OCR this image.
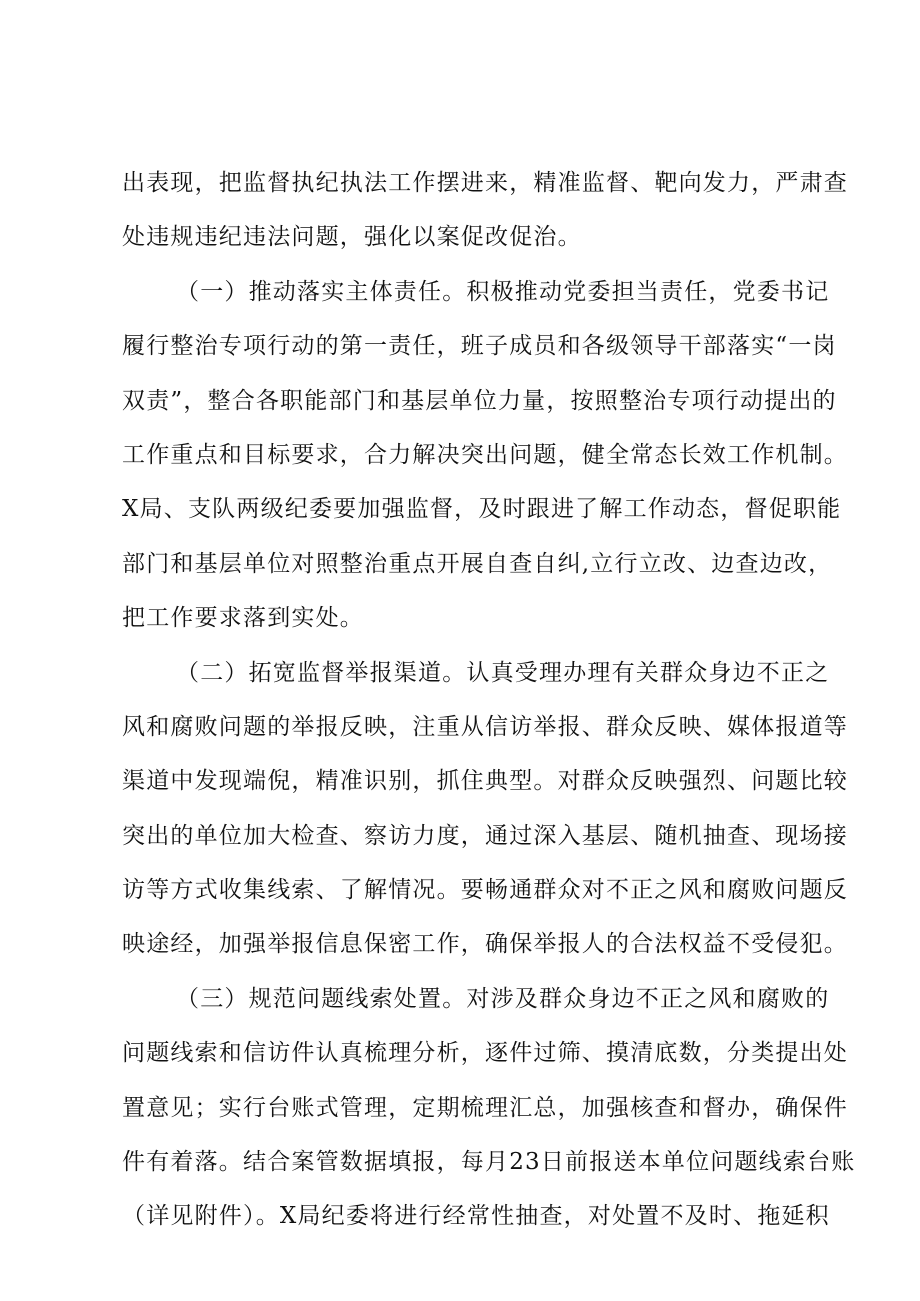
出表现，把监督执纪执法工作摆进来，精准监督、靶向发力，严肃查
处违规违纪违法问题，强化以案促改促治。
（一）推动落实主体责任。积极推动党委担当责任，党委书记
履行整治专项行动的第一责任，班子成员和各级领导干部落实“一岗
双责”，整合各职能部门和基层单位力量，按照整治专项行动提出的
工作重点和目标要求，合力解决突出问题，健全常态长效工作机制。
X局、支队两级纪委要加强监督，及时跟进了解工作动态，督促职能
部门和基层单位对照整治重点开展自查自纠,立行立改、边查边改，
把工作要求落到实处。
（二）拓宽监督举报渠道。认真受理办理有关群众身边不正之
风和腐败问题的举报反映，注重从信访举报、群众反映、媒体报道等
渠道中发现端倪，精准识别，抓住典型。对群众反映强烈、问题比较
突出的单位加大检查、察访力度，通过深入基层、随机抽查、现场接
访等方式收集线索、了解情况。要畅通群众对不正之风和腐败问题反
映途经，加强举报信息保密工作，确保举报人的合法权益不受侵犯。
（三）规范问题线索处置。对涉及群众身边不正之风和腐败的
问题线索和信访件认真梳理分析，逐件过筛、摸清底数，分类提出处
置意见；实行台账式管理，定期梳理汇总，加强核查和督办，确保件
件有着落。结合案管数据填报，每月23日前报送本单位问题线索台账
（详见附件）。X局纪委将进行经常性抽查，对处置不及时、拖延积
